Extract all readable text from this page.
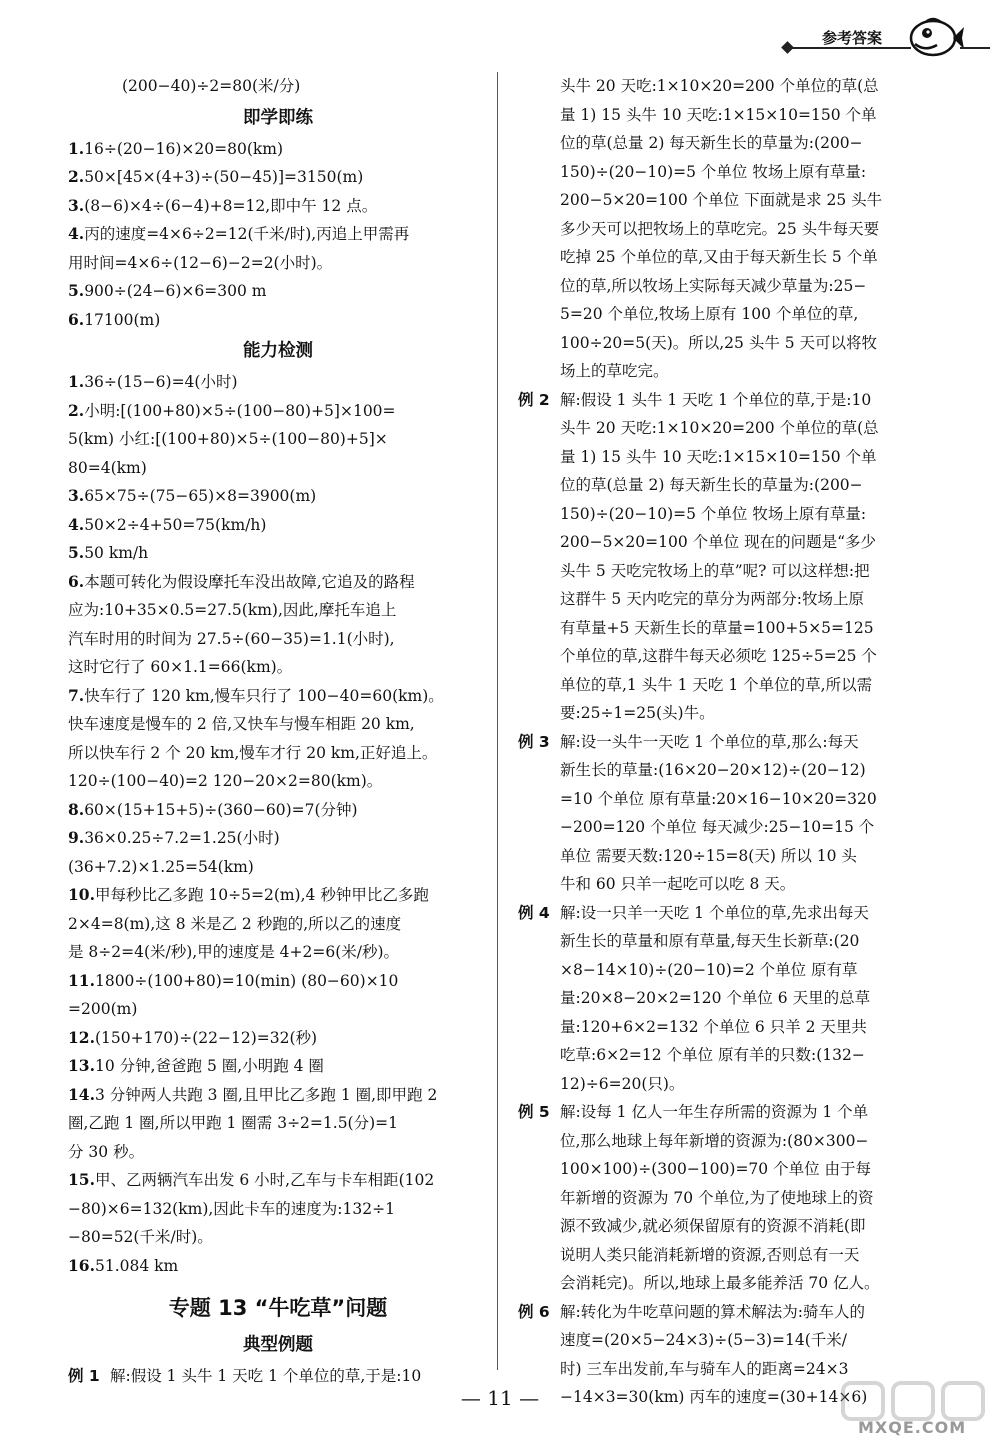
参考答案
(200−40)÷2=80(米/分)
即学即练
1.16÷(20−16)×20=80(km)
2.50×[45×(4+3)÷(50−45)]=3150(m)
3.(8−6)×4÷(6−4)+8=12,即中午 12 点。
4.丙的速度=4×6÷2=12(千米/时),丙追上甲需再
用时间=4×6÷(12−6)−2=2(小时)。
5.900÷(24−6)×6=300 m
6.17100(m)
能力检测
1.36÷(15−6)=4(小时)
2.小明:[(100+80)×5÷(100−80)+5]×100=
5(km) 小红:[(100+80)×5÷(100−80)+5]×
80=4(km)
3.65×75÷(75−65)×8=3900(m)
4.50×2÷4+50=75(km/h)
5.50 km/h
6.本题可转化为假设摩托车没出故障,它追及的路程
应为:10+35×0.5=27.5(km),因此,摩托车追上
汽车时用的时间为 27.5÷(60−35)=1.1(小时),
这时它行了 60×1.1=66(km)。
7.快车行了 120 km,慢车只行了 100−40=60(km)。
快车速度是慢车的 2 倍,又快车与慢车相距 20 km,
所以快车行 2 个 20 km,慢车才行 20 km,正好追上。
120÷(100−40)=2 120−20×2=80(km)。
8.60×(15+15+5)÷(360−60)=7(分钟)
9.36×0.25÷7.2=1.25(小时)
(36+7.2)×1.25=54(km)
10.甲每秒比乙多跑 10÷5=2(m),4 秒钟甲比乙多跑
2×4=8(m),这 8 米是乙 2 秒跑的,所以乙的速度
是 8÷2=4(米/秒),甲的速度是 4+2=6(米/秒)。
11.1800÷(100+80)=10(min) (80−60)×10
=200(m)
12.(150+170)÷(22−12)=32(秒)
13.10 分钟,爸爸跑 5 圈,小明跑 4 圈
14.3 分钟两人共跑 3 圈,且甲比乙多跑 1 圈,即甲跑 2
圈,乙跑 1 圈,所以甲跑 1 圈需 3÷2=1.5(分)=1
分 30 秒。
15.甲、乙两辆汽车出发 6 小时,乙车与卡车相距(102
−80)×6=132(km),因此卡车的速度为:132÷1
−80=52(千米/时)。
16.51.084 km
专题 13 “牛吃草”问题
典型例题
例 1 解:假设 1 头牛 1 天吃 1 个单位的草,于是:10
头牛 20 天吃:1×10×20=200 个单位的草(总
量 1) 15 头牛 10 天吃:1×15×10=150 个单
位的草(总量 2) 每天新生长的草量为:(200−
150)÷(20−10)=5 个单位 牧场上原有草量:
200−5×20=100 个单位 下面就是求 25 头牛
多少天可以把牧场上的草吃完。25 头牛每天要
吃掉 25 个单位的草,又由于每天新生长 5 个单
位的草,所以牧场上实际每天减少草量为:25−
5=20 个单位,牧场上原有 100 个单位的草,
100÷20=5(天)。所以,25 头牛 5 天可以将牧
场上的草吃完。
例 2 解:假设 1 头牛 1 天吃 1 个单位的草,于是:10
头牛 20 天吃:1×10×20=200 个单位的草(总
量 1) 15 头牛 10 天吃:1×15×10=150 个单
位的草(总量 2) 每天新生长的草量为:(200−
150)÷(20−10)=5 个单位 牧场上原有草量:
200−5×20=100 个单位 现在的问题是“多少
头牛 5 天吃完牧场上的草”呢? 可以这样想:把
这群牛 5 天内吃完的草分为两部分:牧场上原
有草量+5 天新生长的草量=100+5×5=125
个单位的草,这群牛每天必须吃 125÷5=25 个
单位的草,1 头牛 1 天吃 1 个单位的草,所以需
要:25÷1=25(头)牛。
例 3 解:设一头牛一天吃 1 个单位的草,那么:每天
新生长的草量:(16×20−20×12)÷(20−12)
=10 个单位 原有草量:20×16−10×20=320
−200=120 个单位 每天减少:25−10=15 个
单位 需要天数:120÷15=8(天) 所以 10 头
牛和 60 只羊一起吃可以吃 8 天。
例 4 解:设一只羊一天吃 1 个单位的草,先求出每天
新生长的草量和原有草量,每天生长新草:(20
×8−14×10)÷(20−10)=2 个单位 原有草
量:20×8−20×2=120 个单位 6 天里的总草
量:120+6×2=132 个单位 6 只羊 2 天里共
吃草:6×2=12 个单位 原有羊的只数:(132−
12)÷6=20(只)。
例 5 解:设每 1 亿人一年生存所需的资源为 1 个单
位,那么地球上每年新增的资源为:(80×300−
100×100)÷(300−100)=70 个单位 由于每
年新增的资源为 70 个单位,为了使地球上的资
源不致减少,就必须保留原有的资源不消耗(即
说明人类只能消耗新增的资源,否则总有一天
会消耗完)。所以,地球上最多能养活 70 亿人。
例 6 解:转化为牛吃草问题的算术解法为:骑车人的
速度=(20×5−24×3)÷(5−3)=14(千米/
时) 三车出发前,车与骑车人的距离=24×3
−14×3=30(km) 丙车的速度=(30+14×6)
— 11 —
MXQE.COM
